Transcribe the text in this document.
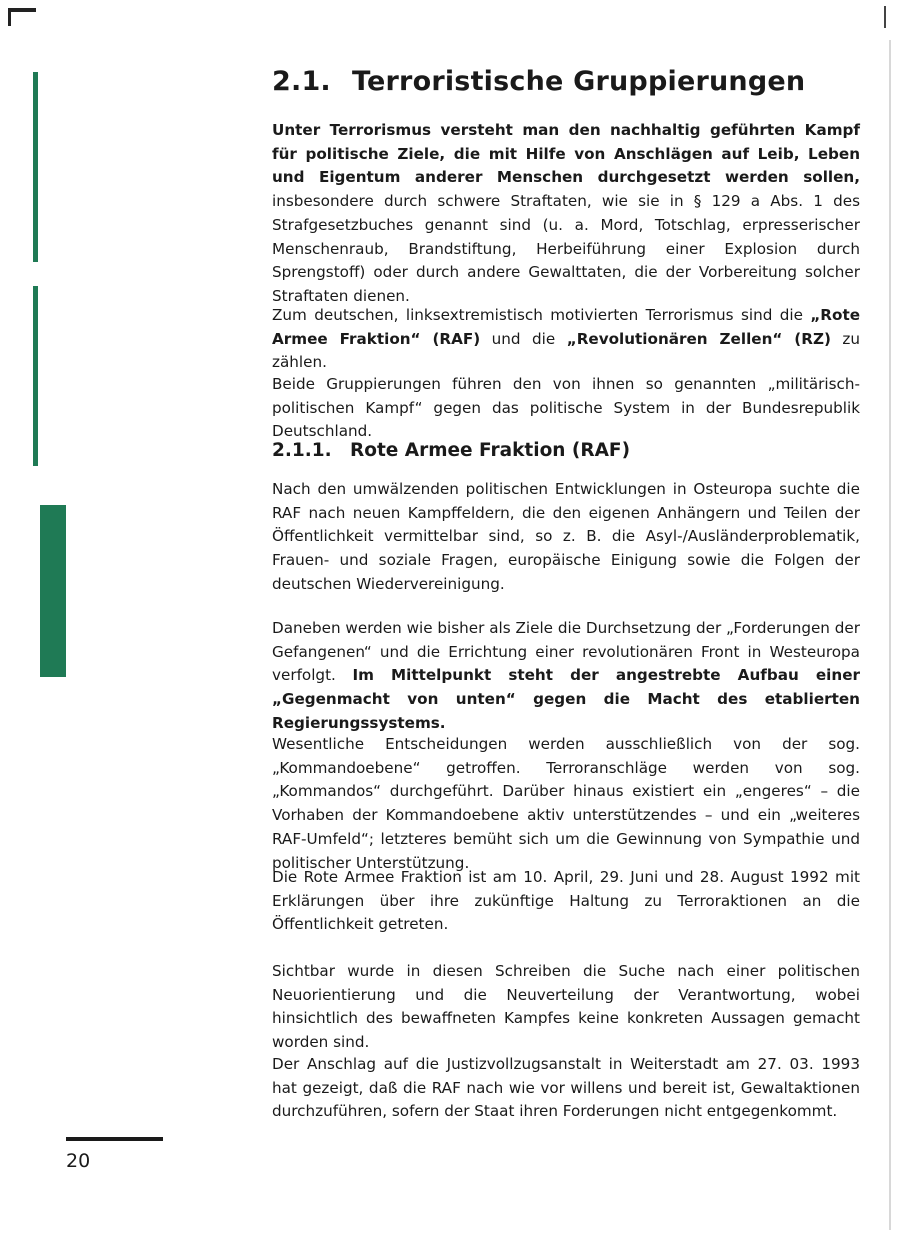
2.1. Terroristische Gruppierungen

Unter Terrorismus versteht man den nachhaltig geführten Kampf für politische Ziele, die mit Hilfe von Anschlägen auf Leib, Leben und Eigentum anderer Menschen durchgesetzt werden sollen, insbesondere durch schwere Straftaten, wie sie in § 129 a Abs. 1 des Strafgesetzbuches genannt sind (u. a. Mord, Totschlag, erpresserischer Menschenraub, Brandstiftung, Herbeiführung einer Explosion durch Sprengstoff) oder durch andere Gewalttaten, die der Vorbereitung solcher Straftaten dienen.

Zum deutschen, linksextremistisch motivierten Terrorismus sind die „Rote Armee Fraktion“ (RAF) und die „Revolutionären Zellen“ (RZ) zu zählen.

Beide Gruppierungen führen den von ihnen so genannten „militärisch-politischen Kampf“ gegen das politische System in der Bundesrepublik Deutschland.

2.1.1. Rote Armee Fraktion (RAF)

Nach den umwälzenden politischen Entwicklungen in Osteuropa suchte die RAF nach neuen Kampffeldern, die den eigenen Anhängern und Teilen der Öffentlichkeit vermittelbar sind, so z. B. die Asyl-/Ausländerproblematik, Frauen- und soziale Fragen, europäische Einigung sowie die Folgen der deutschen Wiedervereinigung.

Daneben werden wie bisher als Ziele die Durchsetzung der „Forderungen der Gefangenen“ und die Errichtung einer revolutionären Front in Westeuropa verfolgt. Im Mittelpunkt steht der angestrebte Aufbau einer „Gegenmacht von unten“ gegen die Macht des etablierten Regierungssystems.

Wesentliche Entscheidungen werden ausschließlich von der sog. „Kommandoebene“ getroffen. Terroranschläge werden von sog. „Kommandos“ durchgeführt. Darüber hinaus existiert ein „engeres“ – die Vorhaben der Kommandoebene aktiv unterstützendes – und ein „weiteres RAF-Umfeld“; letzteres bemüht sich um die Gewinnung von Sympathie und politischer Unterstützung.

Die Rote Armee Fraktion ist am 10. April, 29. Juni und 28. August 1992 mit Erklärungen über ihre zukünftige Haltung zu Terroraktionen an die Öffentlichkeit getreten.

Sichtbar wurde in diesen Schreiben die Suche nach einer politischen Neuorientierung und die Neuverteilung der Verantwortung, wobei hinsichtlich des bewaffneten Kampfes keine konkreten Aussagen gemacht worden sind.

Der Anschlag auf die Justizvollzugsanstalt in Weiterstadt am 27. 03. 1993 hat gezeigt, daß die RAF nach wie vor willens und bereit ist, Gewaltaktionen durchzuführen, sofern der Staat ihren Forderungen nicht entgegenkommt.

20
